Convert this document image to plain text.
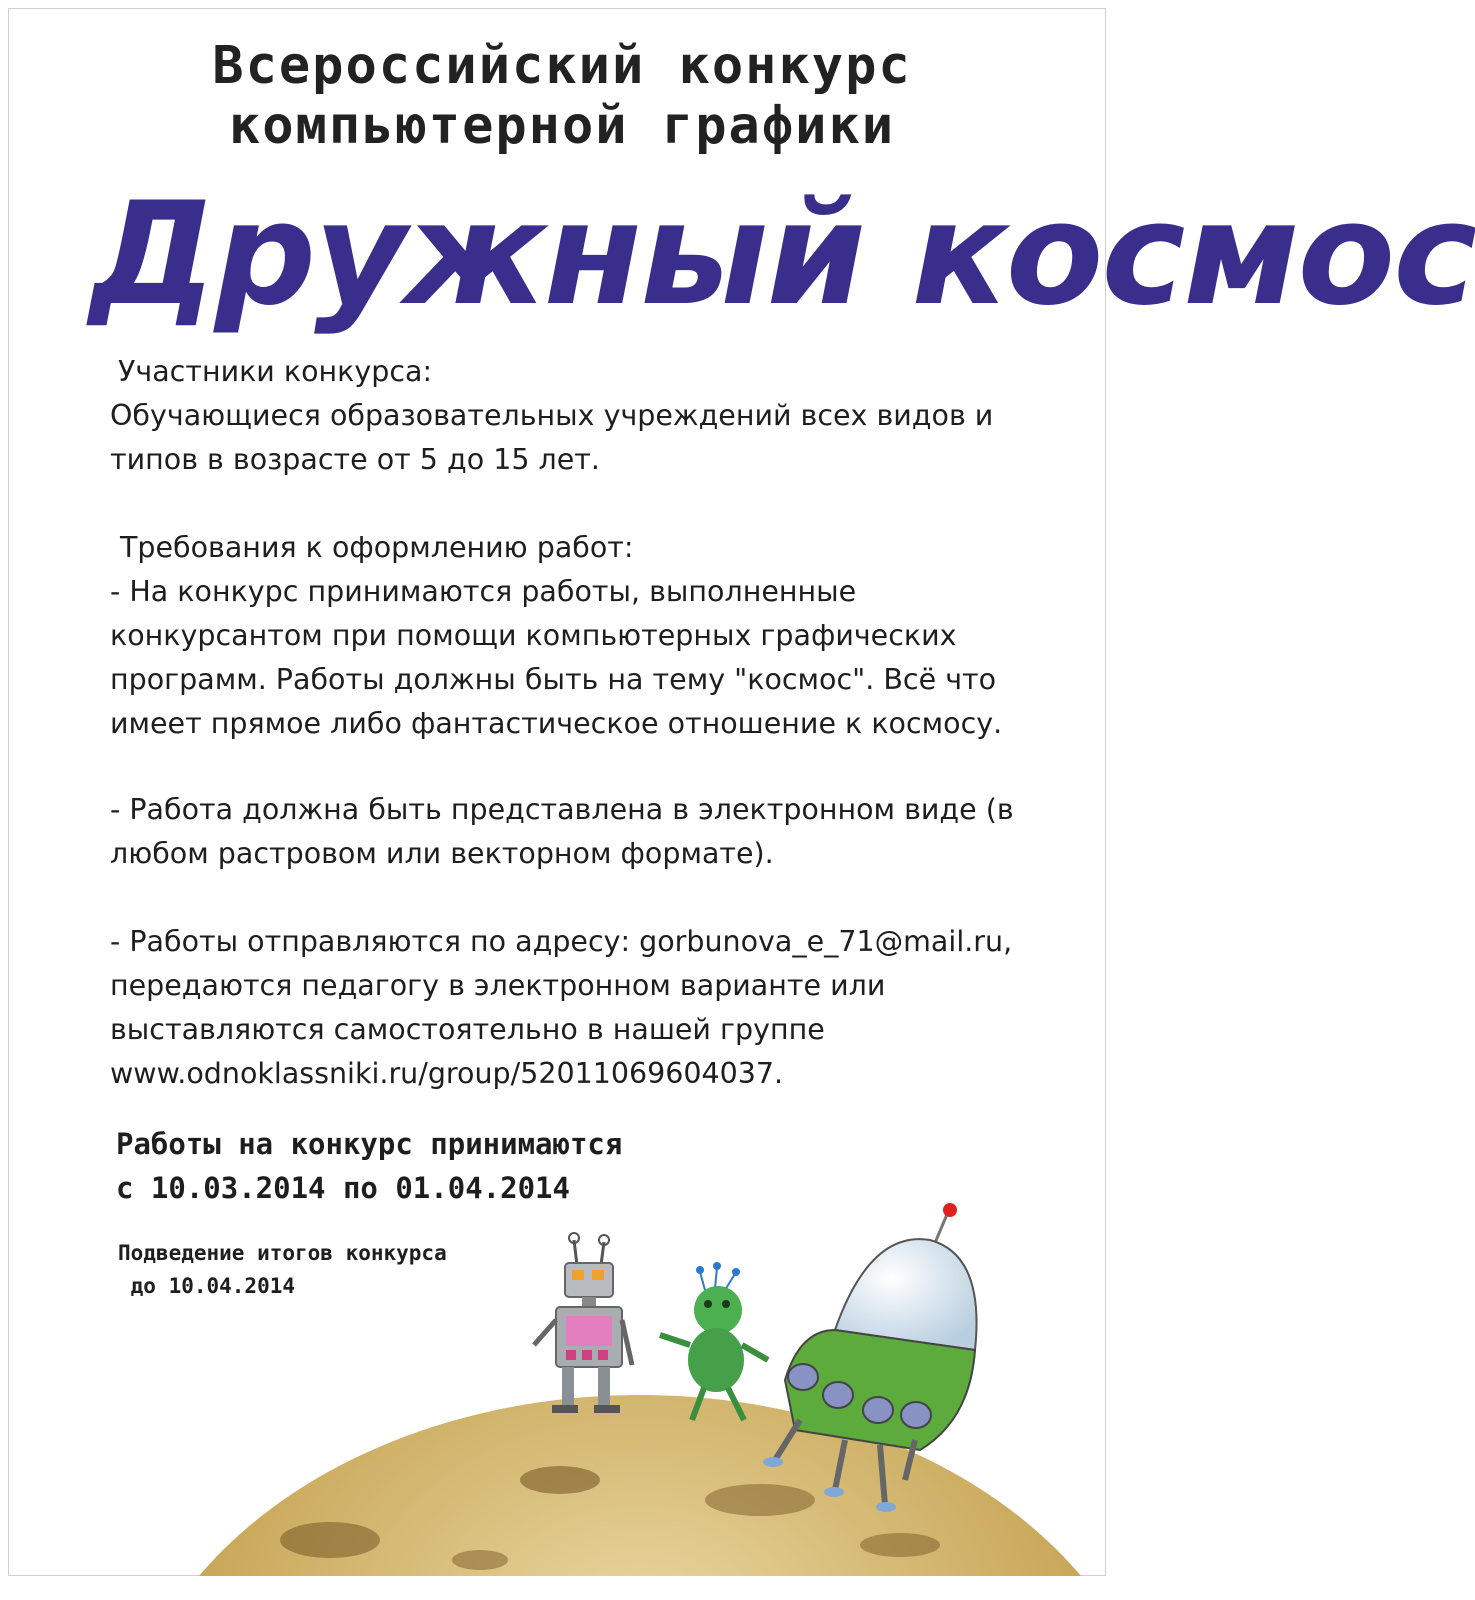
Всероссийский конкурс
компьютерной графики
Дружный космос

Участники конкурса:

Обучающиеся образовательных учреждений всех видов и

типов в возрасте от 5 до 15 лет.

Требования к оформлению работ:

- На конкурс принимаются работы, выполненные

конкурсантом при помощи компьютерных графических

программ. Работы должны быть на тему "космос". Всё что

имеет прямое либо фантастическое отношение к космосу.

- Работа должна быть представлена в электронном виде (в

любом растровом или векторном формате).

- Работы отправляются по адресу: gorbunova_e_71@mail.ru,

передаются педагогу в электронном варианте или

выставляются самостоятельно в нашей группе

www.odnoklassniki.ru/group/52011069604037.

Работы на конкурс принимаются
с 10.03.2014 по 01.04.2014
Подведение итогов конкурса
до 10.04.2014
